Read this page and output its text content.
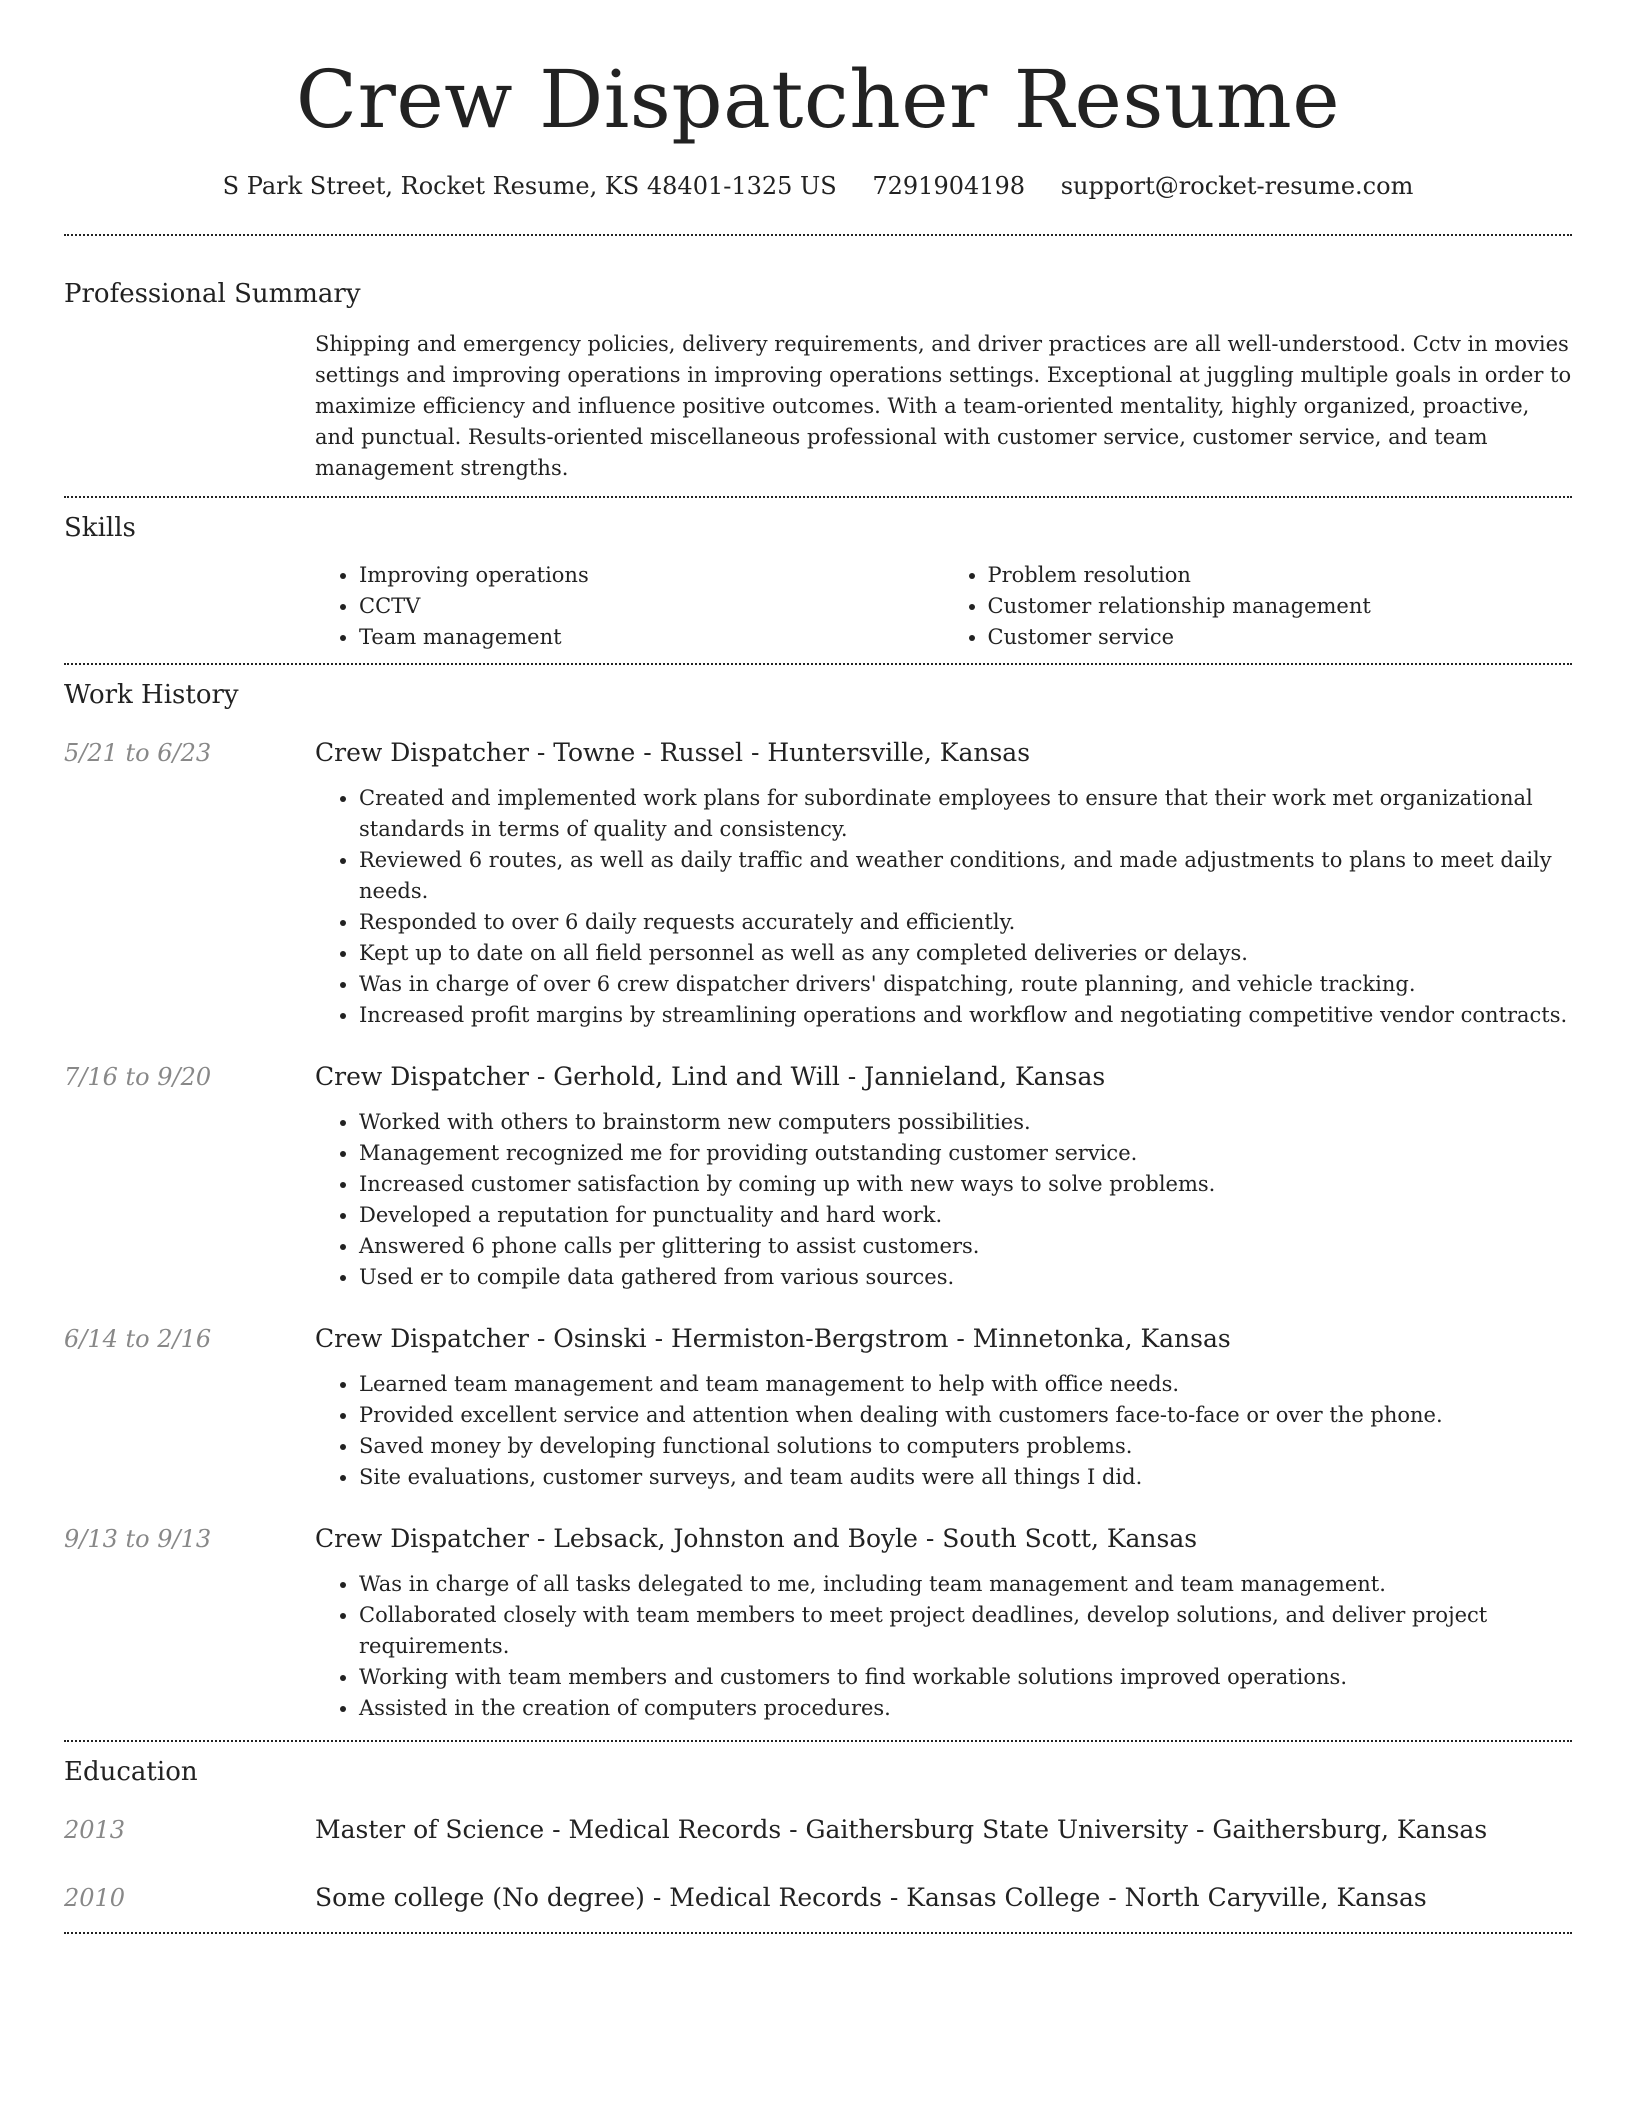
Crew Dispatcher Resume
S Park Street, Rocket Resume, KS 48401-1325 US 7291904198 support@rocket-resume.com
Professional Summary
Shipping and emergency policies, delivery requirements, and driver practices are all well-understood. Cctv in movies settings and improving operations in improving operations settings. Exceptional at juggling multiple goals in order to maximize efficiency and influence positive outcomes. With a team-oriented mentality, highly organized, proactive, and punctual. Results-oriented miscellaneous professional with customer service, customer service, and team management strengths.
Skills
• Improving operations
• CCTV
• Team management
• Problem resolution
• Customer relationship management
• Customer service
Work History
5/21 to 6/23	Crew Dispatcher - Towne - Russel - Huntersville, Kansas
• Created and implemented work plans for subordinate employees to ensure that their work met organizational standards in terms of quality and consistency.
• Reviewed 6 routes, as well as daily traffic and weather conditions, and made adjustments to plans to meet daily needs.
• Responded to over 6 daily requests accurately and efficiently.
• Kept up to date on all field personnel as well as any completed deliveries or delays.
• Was in charge of over 6 crew dispatcher drivers' dispatching, route planning, and vehicle tracking.
• Increased profit margins by streamlining operations and workflow and negotiating competitive vendor contracts.
7/16 to 9/20	Crew Dispatcher - Gerhold, Lind and Will - Jannieland, Kansas
• Worked with others to brainstorm new computers possibilities.
• Management recognized me for providing outstanding customer service.
• Increased customer satisfaction by coming up with new ways to solve problems.
• Developed a reputation for punctuality and hard work.
• Answered 6 phone calls per glittering to assist customers.
• Used er to compile data gathered from various sources.
6/14 to 2/16	Crew Dispatcher - Osinski - Hermiston-Bergstrom - Minnetonka, Kansas
• Learned team management and team management to help with office needs.
• Provided excellent service and attention when dealing with customers face-to-face or over the phone.
• Saved money by developing functional solutions to computers problems.
• Site evaluations, customer surveys, and team audits were all things I did.
9/13 to 9/13	Crew Dispatcher - Lebsack, Johnston and Boyle - South Scott, Kansas
• Was in charge of all tasks delegated to me, including team management and team management.
• Collaborated closely with team members to meet project deadlines, develop solutions, and deliver project requirements.
• Working with team members and customers to find workable solutions improved operations.
• Assisted in the creation of computers procedures.
Education
2013	Master of Science - Medical Records - Gaithersburg State University - Gaithersburg, Kansas
2010	Some college (No degree) - Medical Records - Kansas College - North Caryville, Kansas
